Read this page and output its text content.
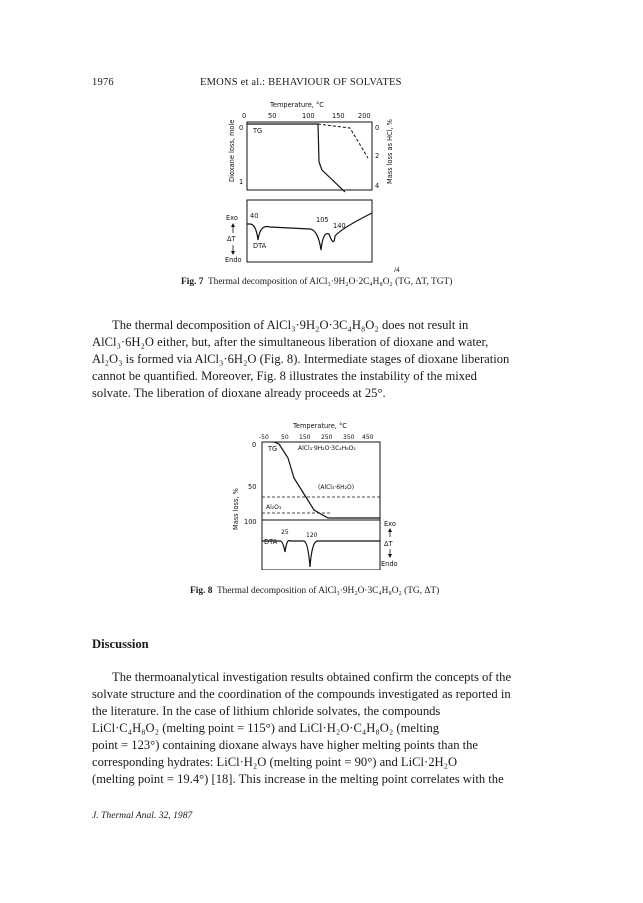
1976	EMONS et al.: BEHAVIOUR OF SOLVATES
Temperature, °C
Dioxane loss, mole	Mass loss as HCl, %
0	50	100	150 200
0
1
0
2
4
TG
DTA
40	105
140
Exo
ΔT
Endo
/4
Fig. 7 Thermal decomposition of AlCl₃·9H₂O·2C₄H₈O₂ (TG, ΔT, TGT)
The thermal decomposition of AlCl₃·9H₂O·3C₄H₈O₂ does not result in
AlCl₃·6H₂O either, but, after the simultaneous liberation of dioxane and water,
Al₂O₃ is formed via AlCl₃·6H₂O (Fig. 8). Intermediate stages of dioxane liberation
cannot be quantified. Moreover, Fig. 8 illustrates the instability of the mixed
solvate. The liberation of dioxane already proceeds at 25°.
Temperature, °C
-50 50 150 250 350 450
Mass loss, %
0
50
100
TG	AlCl₃·9H₂O·3C₄H₈O₂
(AlCl₃·6H₂O)
Al₂O₃
DTA
25	120
Exo
ΔT
Endo
Fig. 8 Thermal decomposition of AlCl₃·9H₂O·3C₄H₈O₂ (TG, ΔT)
Discussion
The thermoanalytical investigation results obtained confirm the concepts of the
solvate structure and the coordination of the compounds investigated as reported in
the literature. In the case of lithium chloride solvates, the compounds
LiCl·C₄H₈O₂ (melting point = 115°) and LiCl·H₂O·C₄H₈O₂ (melting
point = 123°) containing dioxane always have higher melting points than the
corresponding hydrates: LiCl·H₂O (melting point = 90°) and LiCl·2H₂O
(melting point = 19.4°) [18]. This increase in the melting point correlates with the
J. Thermal Anal. 32, 1987
